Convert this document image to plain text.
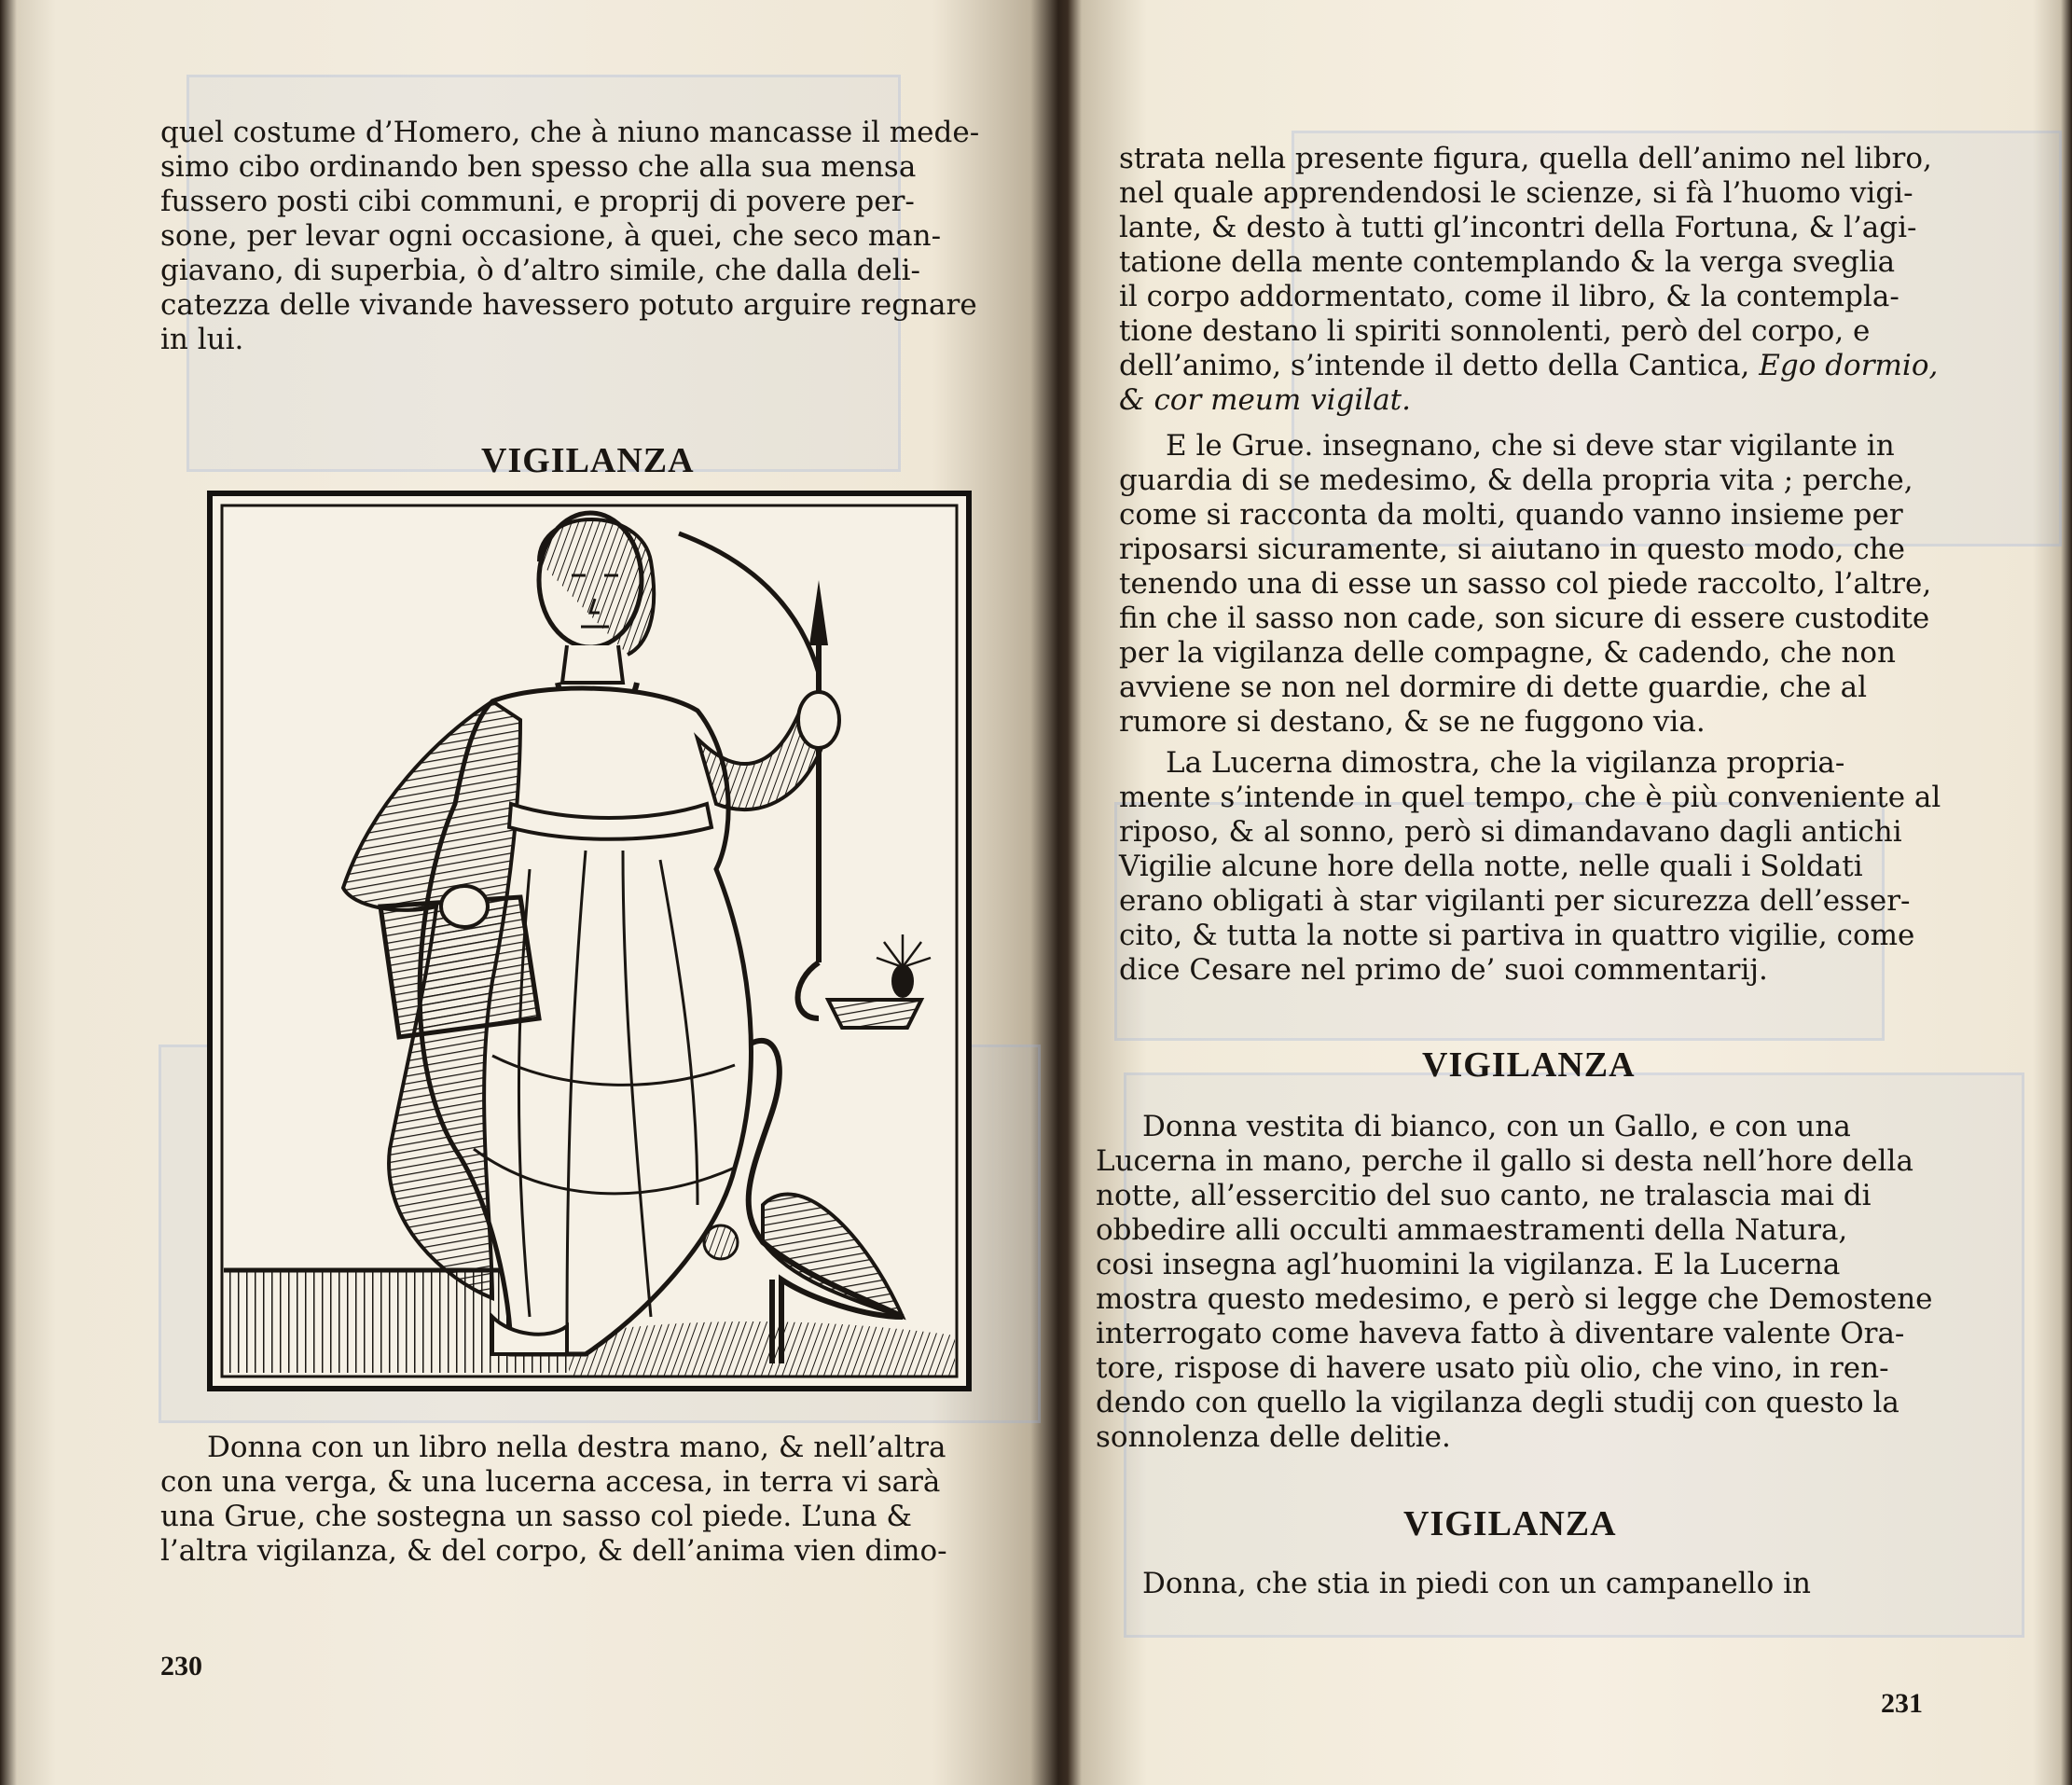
quel costume d’Homero, che à niuno mancasse il mede-

simo cibo ordinando ben spesso che alla sua mensa

fussero posti cibi communi, e proprij di povere per-

sone, per levar ogni occasione, à quei, che seco man-

giavano, di superbia, ò d’altro simile, che dalla deli-

catezza delle vivande havessero potuto arguire regnare

in lui.

VIGILANZA

Donna con un libro nella destra mano, & nell’altra

con una verga, & una lucerna accesa, in terra vi sarà

una Grue, che sostegna un sasso col piede. L’una &

l’altra vigilanza, & del corpo, & dell’anima vien dimo-

230

strata nella presente figura, quella dell’animo nel libro,

nel quale apprendendosi le scienze, si fà l’huomo vigi-

lante, & desto à tutti gl’incontri della Fortuna, & l’agi-

tatione della mente contemplando & la verga sveglia

il corpo addormentato, come il libro, & la contempla-

tione destano li spiriti sonnolenti, però del corpo, e

dell’animo, s’intende il detto della Cantica, Ego dormio,

& cor meum vigilat.

E le Grue. insegnano, che si deve star vigilante in

guardia di se medesimo, & della propria vita ; perche,

come si racconta da molti, quando vanno insieme per

riposarsi sicuramente, si aiutano in questo modo, che

tenendo una di esse un sasso col piede raccolto, l’altre,

fin che il sasso non cade, son sicure di essere custodite

per la vigilanza delle compagne, & cadendo, che non

avviene se non nel dormire di dette guardie, che al

rumore si destano, & se ne fuggono via.

La Lucerna dimostra, che la vigilanza propria-

mente s’intende in quel tempo, che è più conveniente al

riposo, & al sonno, però si dimandavano dagli antichi

Vigilie alcune hore della notte, nelle quali i Soldati

erano obligati à star vigilanti per sicurezza dell’esser-

cito, & tutta la notte si partiva in quattro vigilie, come

dice Cesare nel primo de’ suoi commentarij.

VIGILANZA

Donna vestita di bianco, con un Gallo, e con una

Lucerna in mano, perche il gallo si desta nell’hore della

notte, all’essercitio del suo canto, ne tralascia mai di

obbedire alli occulti ammaestramenti della Natura,

cosi insegna agl’huomini la vigilanza. E la Lucerna

mostra questo medesimo, e però si legge che Demostene

interrogato come haveva fatto à diventare valente Ora-

tore, rispose di havere usato più olio, che vino, in ren-

dendo con quello la vigilanza degli studij con questo la

sonnolenza delle delitie.

VIGILANZA

Donna, che stia in piedi con un campanello in

231
